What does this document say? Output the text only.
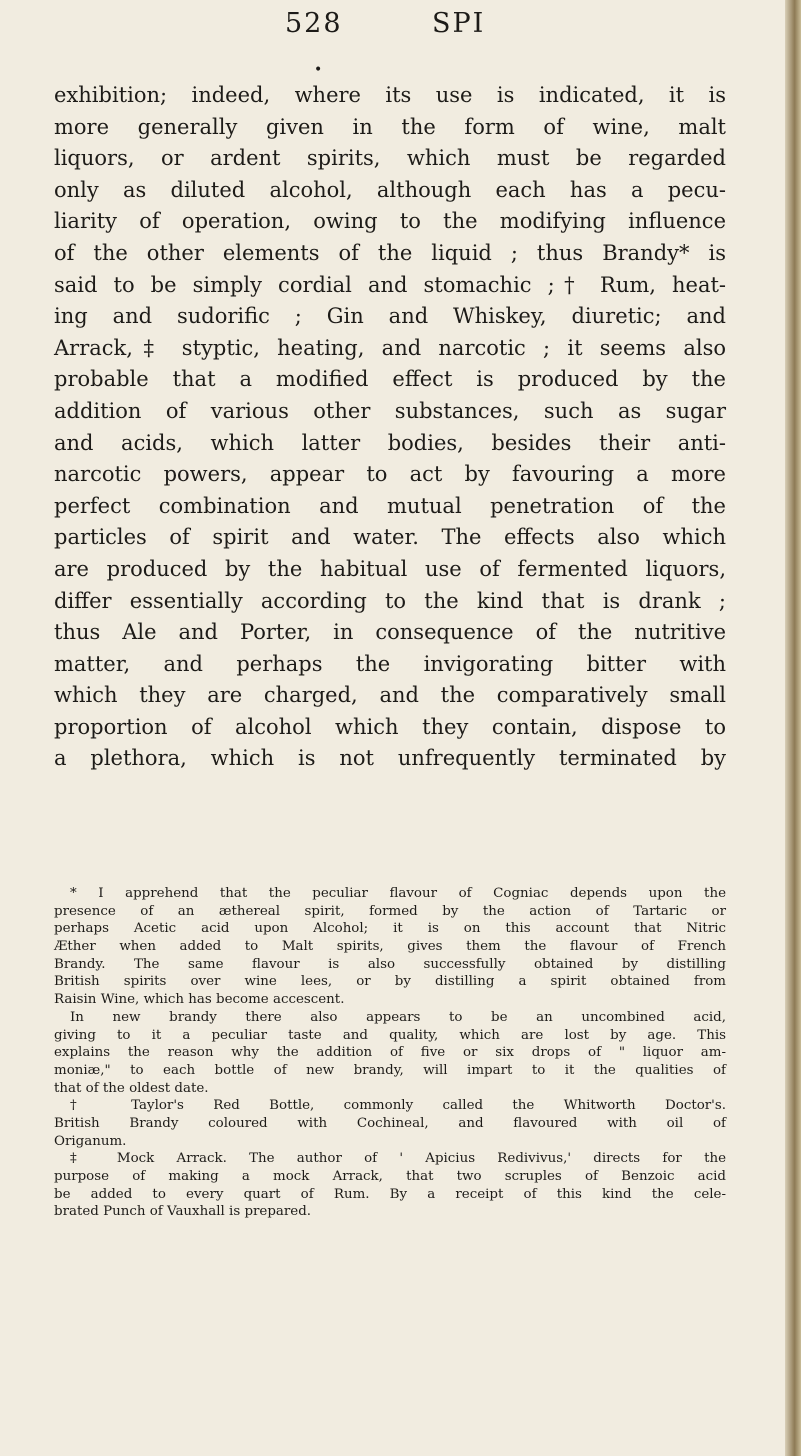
528	SPI
•
exhibition; indeed, where its use is indicated, it is
more generally given in the form of wine, malt
liquors, or ardent spirits, which must be regarded
only as diluted alcohol, although each has a pecu-
liarity of operation, owing to the modifying influence
of the other elements of the liquid ; thus Brandy* is
said to be simply cordial and stomachic ;† Rum, heat-
ing and sudorific ; Gin and Whiskey, diuretic; and
Arrack,‡ styptic, heating, and narcotic ; it seems also
probable that a modified effect is produced by the
addition of various other substances, such as sugar
and acids, which latter bodies, besides their anti-
narcotic powers, appear to act by favouring a more
perfect combination and mutual penetration of the
particles of spirit and water. The effects also which
are produced by the habitual use of fermented liquors,
differ essentially according to the kind that is drank ;
thus Ale and Porter, in consequence of the nutritive
matter, and perhaps the invigorating bitter with
which they are charged, and the comparatively small
proportion of alcohol which they contain, dispose to
a plethora, which is not unfrequently terminated by
* I apprehend that the peculiar flavour of Cogniac depends upon the
presence of an æthereal spirit, formed by the action of Tartaric or
perhaps Acetic acid upon Alcohol; it is on this account that Nitric
Æther when added to Malt spirits, gives them the flavour of French
Brandy. The same flavour is also successfully obtained by distilling
British spirits over wine lees, or by distilling a spirit obtained from
Raisin Wine, which has become accescent.
In new brandy there also appears to be an uncombined acid,
giving to it a peculiar taste and quality, which are lost by age. This
explains the reason why the addition of five or six drops of " liquor am-
moniæ," to each bottle of new brandy, will impart to it the qualities of
that of the oldest date.
† Taylor's Red Bottle, commonly called the Whitworth Doctor's.
British Brandy coloured with Cochineal, and flavoured with oil of
Origanum.
‡ Mock Arrack. The author of ' Apicius Redivivus,' directs for the
purpose of making a mock Arrack, that two scruples of Benzoic acid
be added to every quart of Rum. By a receipt of this kind the cele-
brated Punch of Vauxhall is prepared.
